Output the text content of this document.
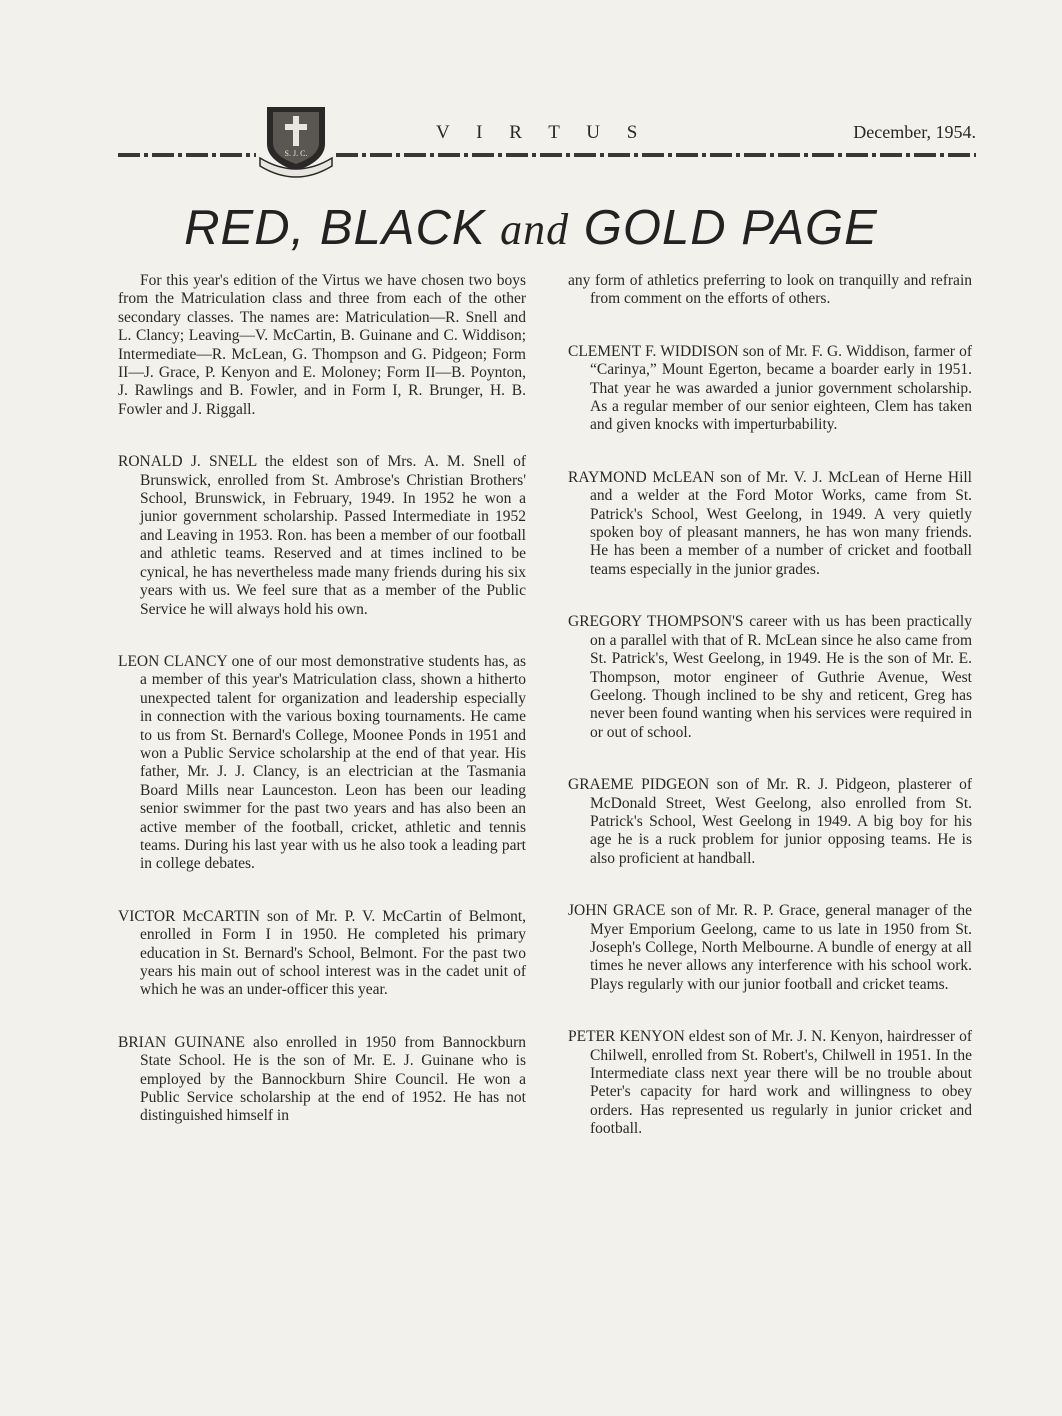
S. J. C.
V I R T U S	December, 1954.
RED, BLACK and GOLD PAGE

For this year's edition of the Virtus we have chosen two boys from the Matriculation class and three from each of the other secondary classes. The names are: Matriculation—R. Snell and L. Clancy; Leaving—V. McCartin, B. Guinane and C. Widdison; Intermediate—R. McLean, G. Thompson and G. Pidgeon; Form II—J. Grace, P. Kenyon and E. Moloney; Form II—B. Poynton, J. Rawlings and B. Fowler, and in Form I, R. Brunger, H. B. Fowler and J. Riggall.

RONALD J. SNELL the eldest son of Mrs. A. M. Snell of Brunswick, enrolled from St. Ambrose's Christian Brothers' School, Brunswick, in February, 1949. In 1952 he won a junior government scholarship. Passed Intermediate in 1952 and Leaving in 1953. Ron. has been a member of our football and athletic teams. Reserved and at times inclined to be cynical, he has nevertheless made many friends during his six years with us. We feel sure that as a member of the Public Service he will always hold his own.

LEON CLANCY one of our most demonstrative students has, as a member of this year's Matriculation class, shown a hitherto unexpected talent for organization and leadership especially in connection with the various boxing tournaments. He came to us from St. Bernard's College, Moonee Ponds in 1951 and won a Public Service scholarship at the end of that year. His father, Mr. J. J. Clancy, is an electrician at the Tasmania Board Mills near Launceston. Leon has been our leading senior swimmer for the past two years and has also been an active member of the football, cricket, athletic and tennis teams. During his last year with us he also took a leading part in college debates.

VICTOR McCARTIN son of Mr. P. V. McCartin of Belmont, enrolled in Form I in 1950. He completed his primary education in St. Bernard's School, Belmont. For the past two years his main out of school interest was in the cadet unit of which he was an under-officer this year.

BRIAN GUINANE also enrolled in 1950 from Bannockburn State School. He is the son of Mr. E. J. Guinane who is employed by the Bannockburn Shire Council. He won a Public Service scholarship at the end of 1952. He has not distinguished himself in

any form of athletics preferring to look on tranquilly and refrain from comment on the efforts of others.

CLEMENT F. WIDDISON son of Mr. F. G. Widdison, farmer of “Carinya,” Mount Egerton, became a boarder early in 1951. That year he was awarded a junior government scholarship. As a regular member of our senior eighteen, Clem has taken and given knocks with imperturbability.

RAYMOND McLEAN son of Mr. V. J. McLean of Herne Hill and a welder at the Ford Motor Works, came from St. Patrick's School, West Geelong, in 1949. A very quietly spoken boy of pleasant manners, he has won many friends. He has been a member of a number of cricket and football teams especially in the junior grades.

GREGORY THOMPSON'S career with us has been practically on a parallel with that of R. McLean since he also came from St. Patrick's, West Geelong, in 1949. He is the son of Mr. E. Thompson, motor engineer of Guthrie Avenue, West Geelong. Though inclined to be shy and reticent, Greg has never been found wanting when his services were required in or out of school.

GRAEME PIDGEON son of Mr. R. J. Pidgeon, plasterer of McDonald Street, West Geelong, also enrolled from St. Patrick's School, West Geelong in 1949. A big boy for his age he is a ruck problem for junior opposing teams. He is also proficient at handball.

JOHN GRACE son of Mr. R. P. Grace, general manager of the Myer Emporium Geelong, came to us late in 1950 from St. Joseph's College, North Melbourne. A bundle of energy at all times he never allows any interference with his school work. Plays regularly with our junior football and cricket teams.

PETER KENYON eldest son of Mr. J. N. Kenyon, hairdresser of Chilwell, enrolled from St. Robert's, Chilwell in 1951. In the Intermediate class next year there will be no trouble about Peter's capacity for hard work and willingness to obey orders. Has represented us regularly in junior cricket and football.
